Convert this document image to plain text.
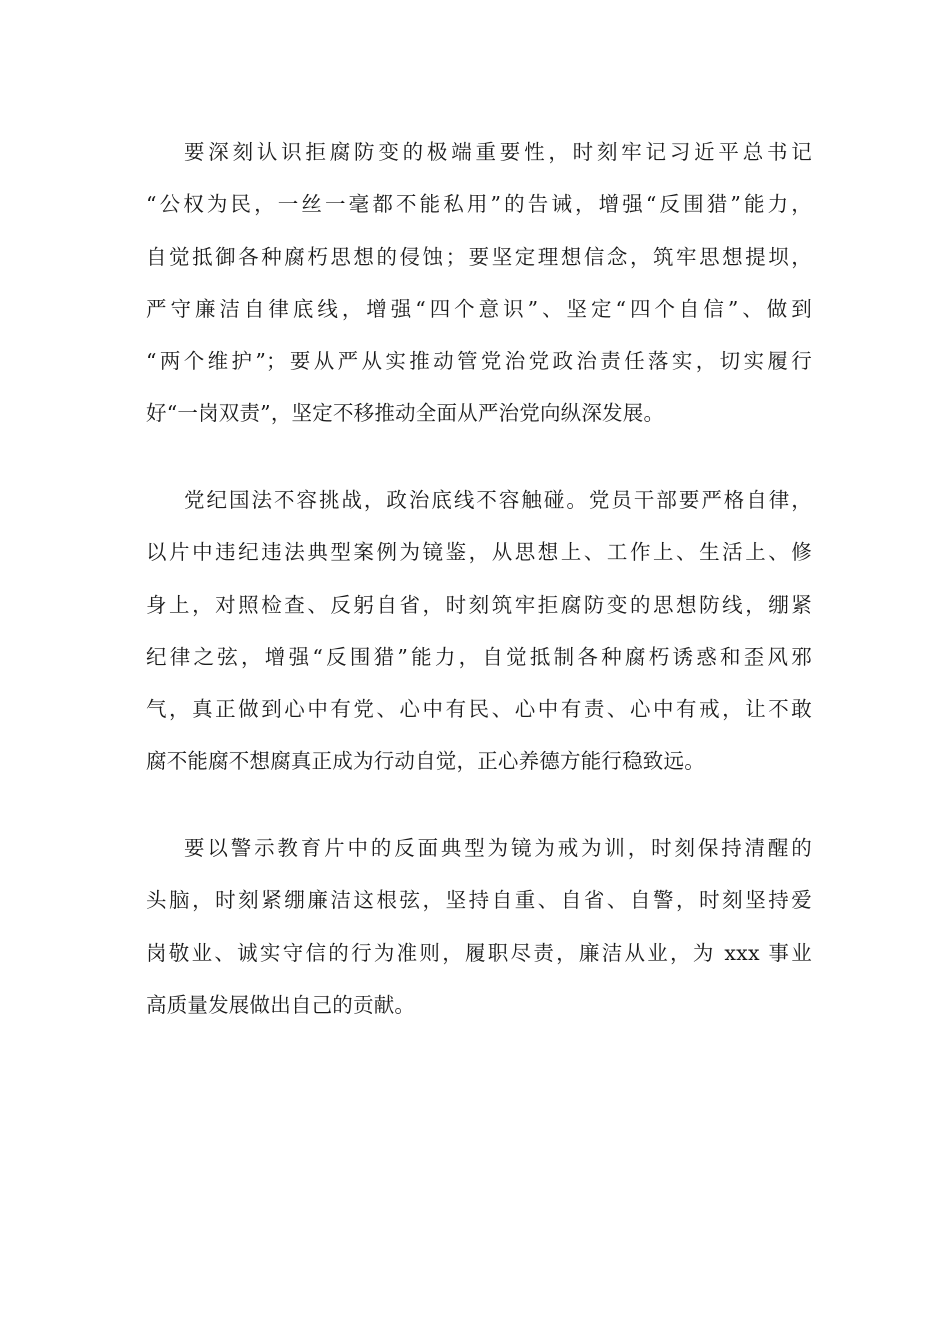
要深刻认识拒腐防变的极端重要性，时刻牢记习近平总书记
“公权为民，一丝一毫都不能私用”的告诫，增强“反围猎”能力，
自觉抵御各种腐朽思想的侵蚀；要坚定理想信念，筑牢思想提坝，
严守廉洁自律底线，增强“四个意识”、坚定“四个自信”、做到
“两个维护”；要从严从实推动管党治党政治责任落实，切实履行
好“一岗双责”，坚定不移推动全面从严治党向纵深发展。
党纪国法不容挑战，政治底线不容触碰。党员干部要严格自律，
以片中违纪违法典型案例为镜鉴，从思想上、工作上、生活上、修
身上，对照检查、反躬自省，时刻筑牢拒腐防变的思想防线，绷紧
纪律之弦，增强“反围猎”能力，自觉抵制各种腐朽诱惑和歪风邪
气，真正做到心中有党、心中有民、心中有责、心中有戒，让不敢
腐不能腐不想腐真正成为行动自觉，正心养德方能行稳致远。
要以警示教育片中的反面典型为镜为戒为训，时刻保持清醒的
头脑，时刻紧绷廉洁这根弦，坚持自重、自省、自警，时刻坚持爱
岗敬业、诚实守信的行为准则，履职尽责，廉洁从业，为 xxx 事业
高质量发展做出自己的贡献。
